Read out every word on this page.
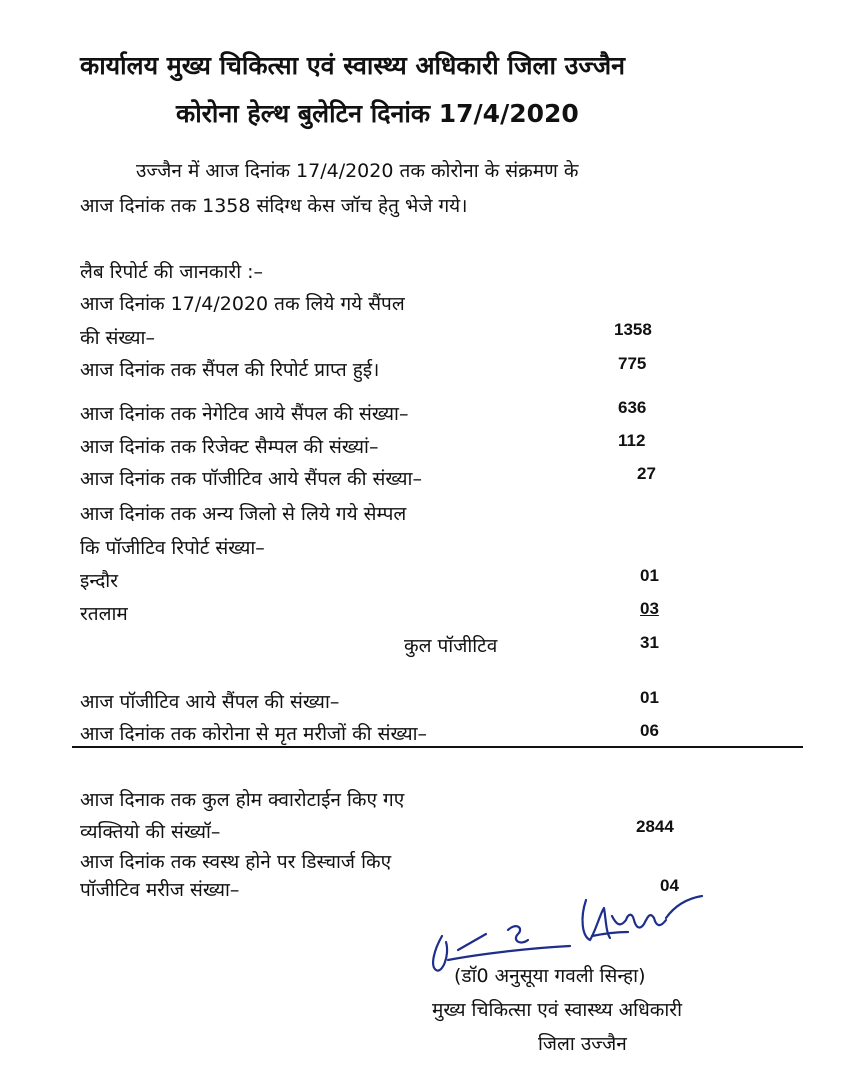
कार्यालय मुख्य चिकित्सा एवं स्वास्थ्य अधिकारी जिला उज्जैन
कोरोना हेल्थ बुलेटिन दिनांक 17/4/2020
उज्जैन में आज दिनांक 17/4/2020 तक कोरोना के संक्रमण के
आज दिनांक तक 1358 संदिग्ध केस जॉच हेतु भेजे गये।
लैब रिपोर्ट की जानकारी :–
आज दिनांक 17/4/2020 तक लिये गये सैंपल
की संख्या–	1358
आज दिनांक तक सैंपल की रिपोर्ट प्राप्त हुई।	775
आज दिनांक तक नेगेटिव आये सैंपल की संख्या–	636
आज दिनांक तक रिजेक्ट सैम्पल की संख्यां–	112
आज दिनांक तक पॉजीटिव आये सैंपल की संख्या–	27
आज दिनांक तक अन्य जिलो से लिये गये सेम्पल
कि पॉजीटिव रिपोर्ट संख्या–
इन्दौर	01
रतलाम	03
कुल पॉजीटिव	31
आज पॉजीटिव आये सैंपल की संख्या–	01
आज दिनांक तक कोरोना से मृत मरीजों की संख्या–	06
आज दिनाक तक कुल होम क्वारोटाईन किए गए
व्यक्तियो की संख्यॉ–	2844
आज दिनांक तक स्वस्थ होने पर डिस्चार्ज किए
पॉजीटिव मरीज संख्या–	04
(डॉ0 अनुसूया गवली सिन्हा)
मुख्य चिकित्सा एवं स्वास्थ्य अधिकारी
जिला उज्जैन
